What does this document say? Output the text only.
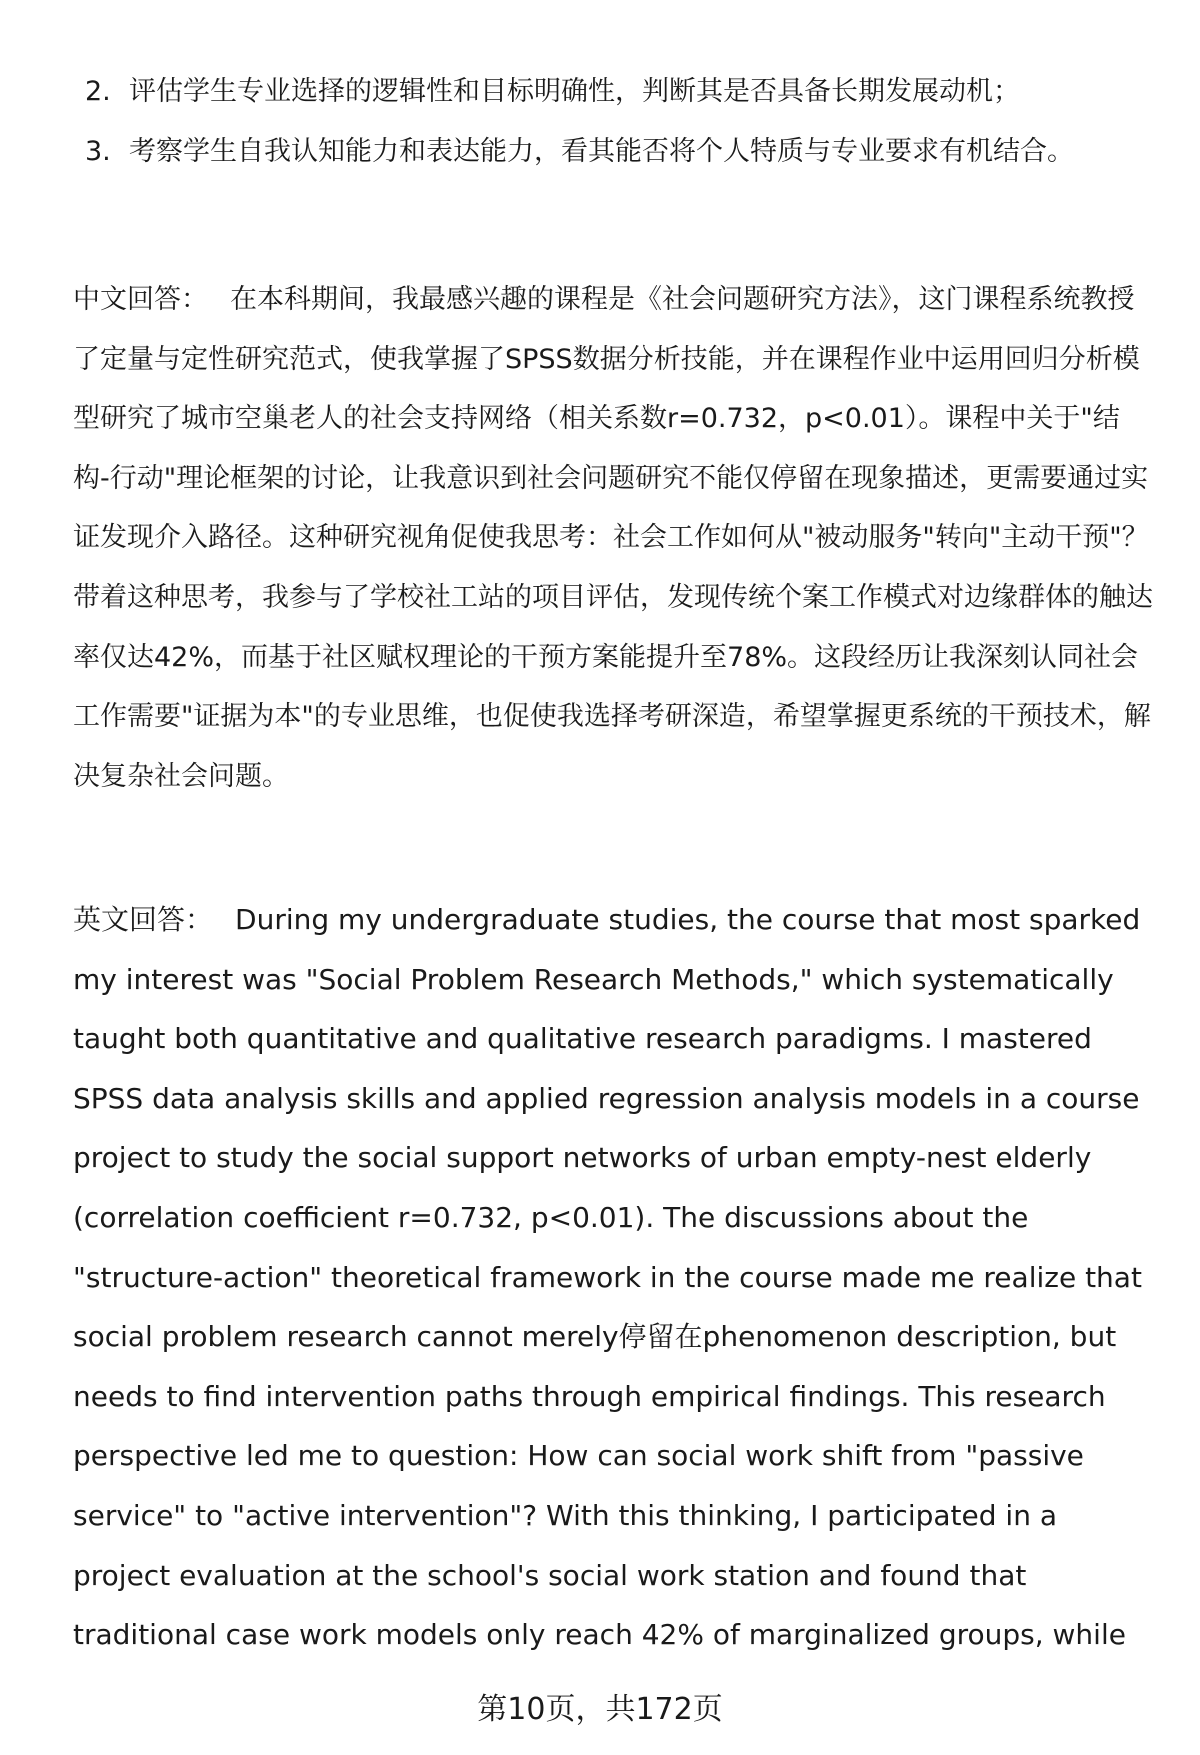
2. 评估学生专业选择的逻辑性和目标明确性，判断其是否具备长期发展动机；
3. 考察学生自我认知能力和表达能力，看其能否将个人特质与专业要求有机结合。

中文回答： 在本科期间，我最感兴趣的课程是《社会问题研究方法》，这门课程系统教授了定量与定性研究范式，使我掌握了SPSS数据分析技能，并在课程作业中运用回归分析模型研究了城市空巢老人的社会支持网络（相关系数r=0.732，p<0.01）。课程中关于"结构-行动"理论框架的讨论，让我意识到社会问题研究不能仅停留在现象描述，更需要通过实证发现介入路径。这种研究视角促使我思考：社会工作如何从"被动服务"转向"主动干预"？带着这种思考，我参与了学校社工站的项目评估，发现传统个案工作模式对边缘群体的触达率仅达42%，而基于社区赋权理论的干预方案能提升至78%。这段经历让我深刻认同社会工作需要"证据为本"的专业思维，也促使我选择考研深造，希望掌握更系统的干预技术，解决复杂社会问题。

英文回答： During my undergraduate studies, the course that most sparked my interest was "Social Problem Research Methods," which systematically taught both quantitative and qualitative research paradigms. I mastered SPSS data analysis skills and applied regression analysis models in a course project to study the social support networks of urban empty-nest elderly (correlation coefficient r=0.732, p<0.01). The discussions about the "structure-action" theoretical framework in the course made me realize that social problem research cannot merely停留在phenomenon description, but needs to find intervention paths through empirical findings. This research perspective led me to question: How can social work shift from "passive service" to "active intervention"? With this thinking, I participated in a project evaluation at the school's social work station and found that traditional case work models only reach 42% of marginalized groups, while

第10页，共172页
